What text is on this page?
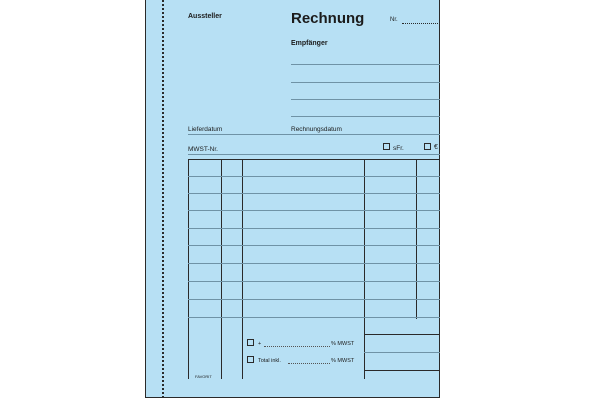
Aussteller	Rechnung	Nr.
Empfänger
Lieferdatum	Rechnungsdatum
MWST-Nr.	sFr.	€
+	% MWST
Total inkl.	% MWST
FAVORIT
